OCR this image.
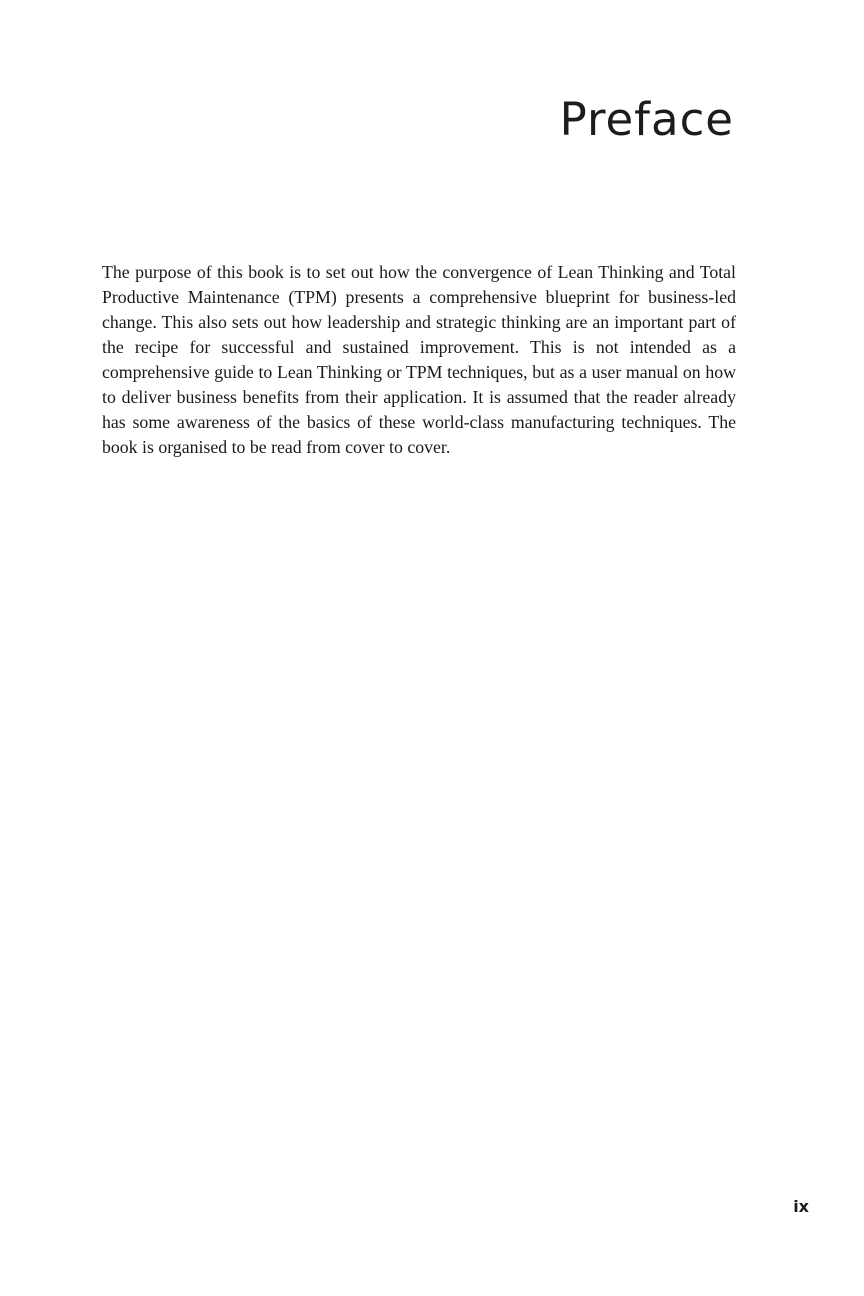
Preface

The purpose of this book is to set out how the convergence of Lean Thinking and Total Productive Maintenance (TPM) presents a comprehensive blueprint for business-led change. This also sets out how leadership and strategic thinking are an important part of the recipe for successful and sustained improvement. This is not intended as a comprehensive guide to Lean Thinking or TPM techniques, but as a user manual on how to deliver business benefits from their application. It is assumed that the reader already has some awareness of the basics of these world-class manufacturing techniques. The book is organised to be read from cover to cover.

ix
